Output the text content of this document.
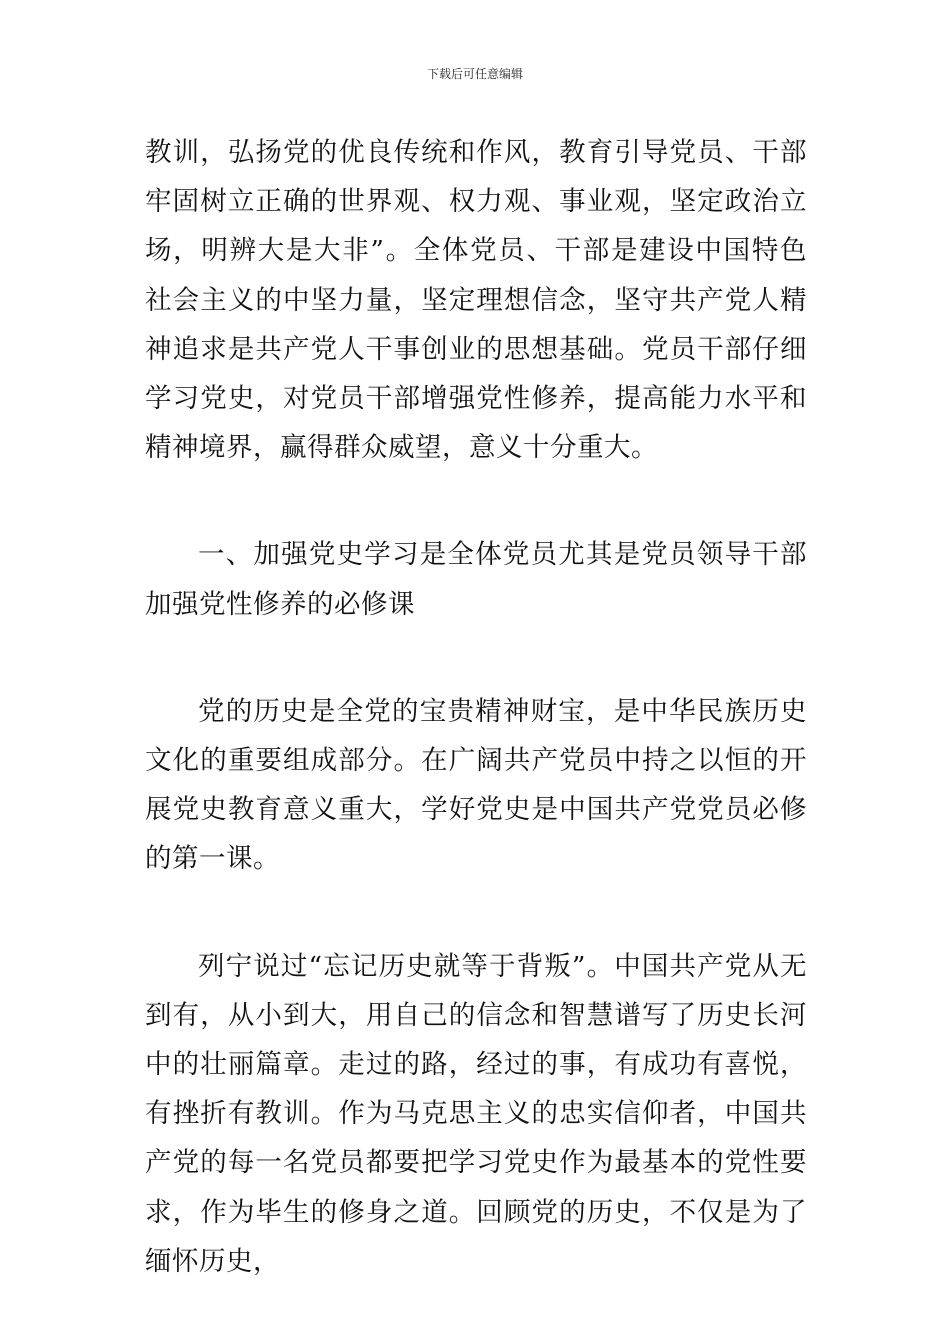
下载后可任意编辑

教训，弘扬党的优良传统和作风，教育引导党员、干部牢固树立正确的世界观、权力观、事业观，坚定政治立场，明辨大是大非”。全体党员、干部是建设中国特色社会主义的中坚力量，坚定理想信念，坚守共产党人精神追求是共产党人干事创业的思想基础。党员干部仔细学习党史，对党员干部增强党性修养，提高能力水平和精神境界，赢得群众威望，意义十分重大。

一、加强党史学习是全体党员尤其是党员领导干部加强党性修养的必修课

党的历史是全党的宝贵精神财宝，是中华民族历史文化的重要组成部分。在广阔共产党员中持之以恒的开展党史教育意义重大，学好党史是中国共产党党员必修的第一课。

列宁说过“忘记历史就等于背叛”。中国共产党从无到有，从小到大，用自己的信念和智慧谱写了历史长河中的壮丽篇章。走过的路，经过的事，有成功有喜悦，有挫折有教训。作为马克思主义的忠实信仰者，中国共产党的每一名党员都要把学习党史作为最基本的党性要求，作为毕生的修身之道。回顾党的历史，不仅是为了缅怀历史，
